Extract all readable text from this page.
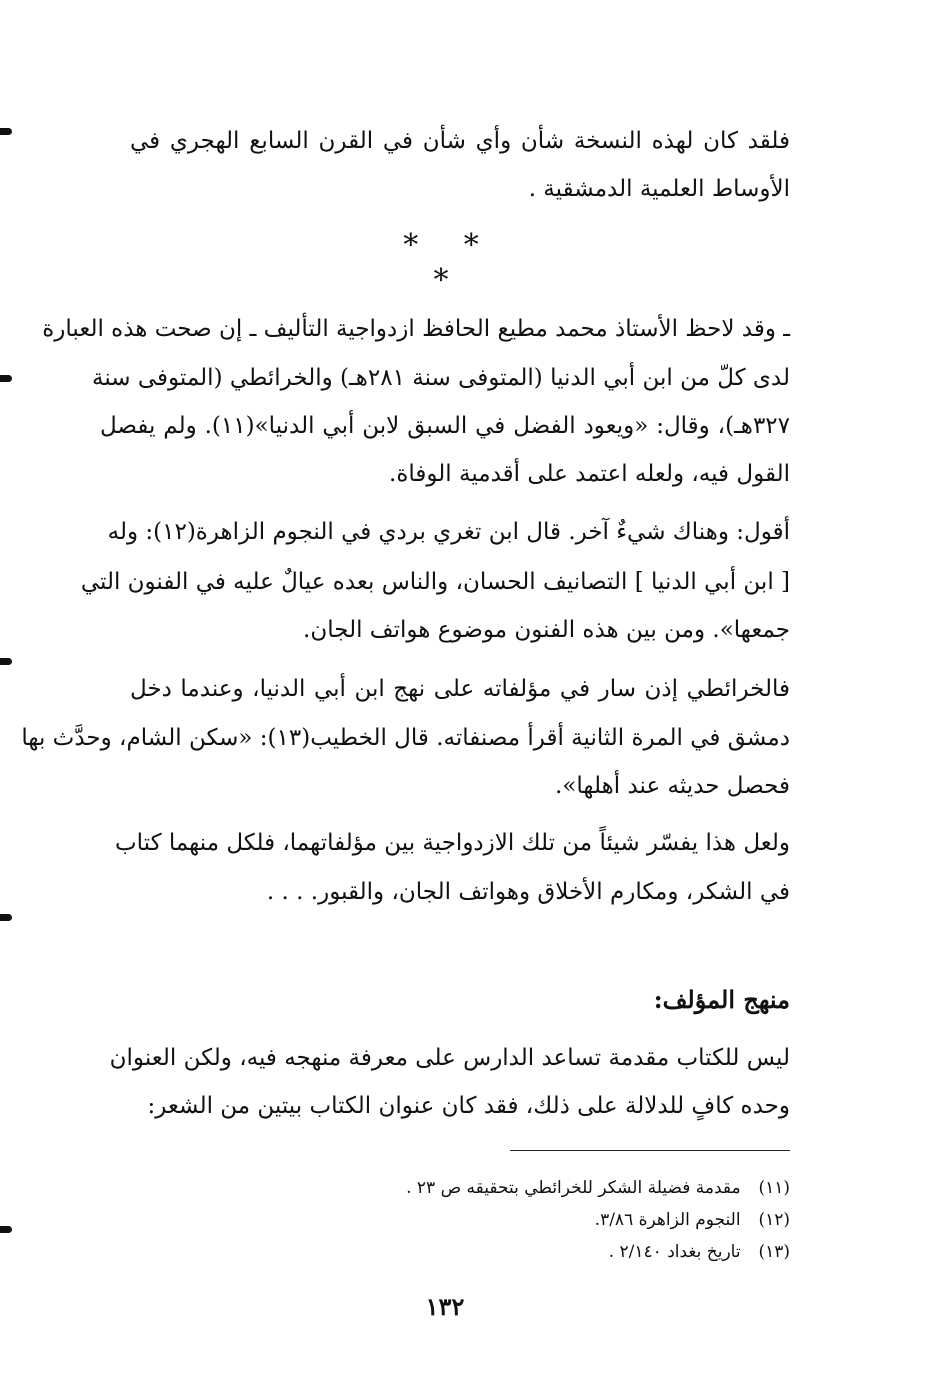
فلقد كان لهذه النسخة شأن وأي شأن في القرن السابع الهجري في
الأوساط العلمية الدمشقية .
* * *
ـ وقد لاحظ الأستاذ محمد مطيع الحافظ ازدواجية التأليف ـ إن صحت هذه العبارة
لدى كلّ من ابن أبي الدنيا (المتوفى سنة ٢٨١هـ) والخرائطي (المتوفى سنة
٣٢٧هـ)، وقال: «ويعود الفضل في السبق لابن أبي الدنيا»(١١). ولم يفصل
القول فيه، ولعله اعتمد على أقدمية الوفاة.
أقول: وهناك شيءٌ آخر. قال ابن تغري بردي في النجوم الزاهرة(١٢): وله
[ ابن أبي الدنيا ] التصانيف الحسان، والناس بعده عيالٌ عليه في الفنون التي
جمعها». ومن بين هذه الفنون موضوع هواتف الجان.
فالخرائطي إذن سار في مؤلفاته على نهج ابن أبي الدنيا، وعندما دخل
دمشق في المرة الثانية أقرأ مصنفاته. قال الخطيب(١٣): «سكن الشام، وحدَّث بها
فحصل حديثه عند أهلها».
ولعل هذا يفسّر شيئاً من تلك الازدواجية بين مؤلفاتهما، فلكل منهما كتاب
في الشكر، ومكارم الأخلاق وهواتف الجان، والقبور. . . .
منهج المؤلف:
ليس للكتاب مقدمة تساعد الدارس على معرفة منهجه فيه، ولكن العنوان
وحده كافٍ للدلالة على ذلك، فقد كان عنوان الكتاب بيتين من الشعر:
(١١) مقدمة فضيلة الشكر للخرائطي بتحقيقه ص ٢٣ .
(١٢) النجوم الزاهرة ٣/٨٦.
(١٣) تاريخ بغداد ٢/١٤٠ .
١٣٢
